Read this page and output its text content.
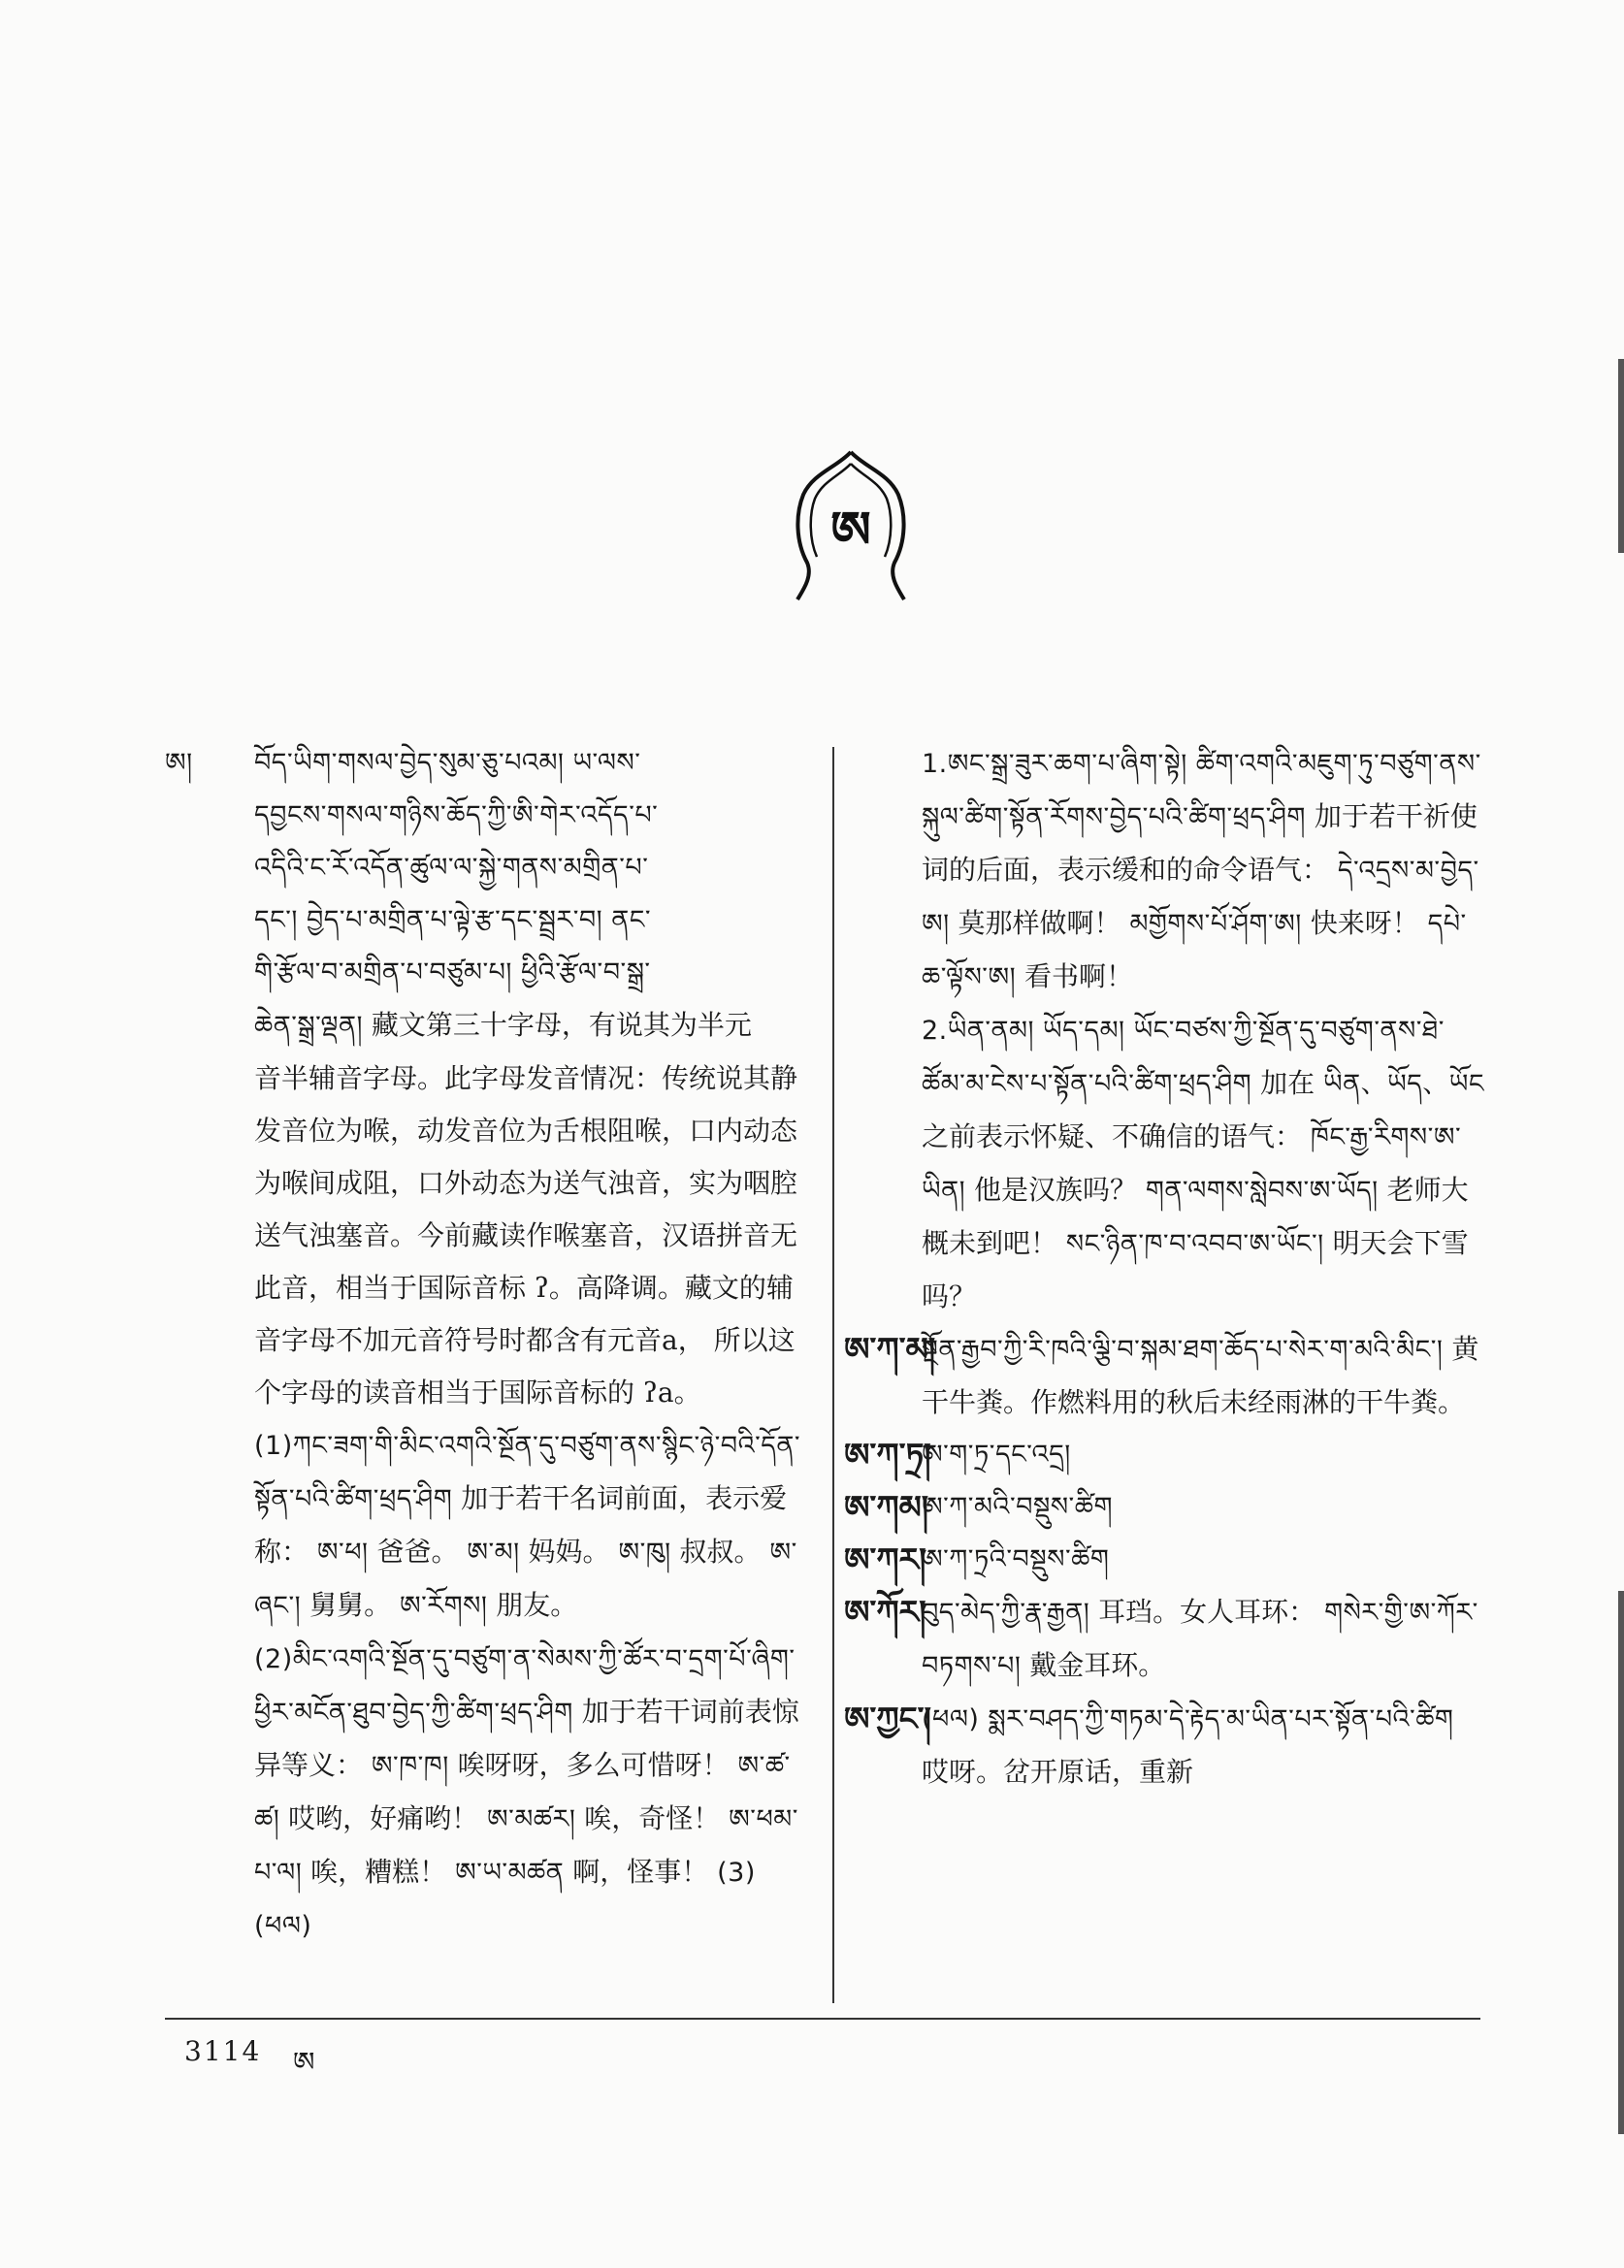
ཨ
ཨ། བོད་ཡིག་གསལ་བྱེད་སུམ་ཅུ་པའམ། ཡ་ལས་

དབྱངས་གསལ་གཉིས་ཆོད་ཀྱི་ཨི་གེར་འདོད་པ་

འདིའི་ང་རོ་འདོན་ཚུལ་ལ་སྐྱེ་གནས་མགྲིན་པ་

དང་། བྱེད་པ་མགྲིན་པ་ལྟེ་རྩ་དང་སྦྲར་བ། ནང་

གི་རྩོལ་བ་མགྲིན་པ་བཙུམ་པ། ཕྱིའི་རྩོལ་བ་སྒྲ་

ཆེན་སྒྲ་ལྡན། 藏文第三十字母，有说其为半元

音半辅音字母。此字母发音情况：传统说其静

发音位为喉，动发音位为舌根阻喉，口内动态

为喉间成阻，口外动态为送气浊音，实为咽腔

送气浊塞音。今前藏读作喉塞音，汉语拼音无

此音，相当于国际音标 ʔ。高降调。藏文的辅

音字母不加元音符号时都含有元音a， 所以这

个字母的读音相当于国际音标的 ʔa。

(1)ཀང་ཟག་གི་མིང་འགའི་སྔོན་དུ་བཙུག་ནས་སྙིང་ཉེ་བའི་དོན་སྟོན་པའི་ཚིག་ཕྲད་ཤིག 加于若干名词前面，表示爱称： ཨ་ཕ། 爸爸。 ཨ་མ། 妈妈。 ཨ་ཁུ། 叔叔。 ཨ་ཞང་། 舅舅。 ཨ་རོགས། 朋友。

(2)མིང་འགའི་སྔོན་དུ་བཙུག་ན་སེམས་ཀྱི་ཚོར་བ་དྲག་པོ་ཞིག་ཕྱིར་མངོན་ཐུབ་བྱེད་ཀྱི་ཚིག་ཕྲད་ཤིག 加于若干词前表惊异等义： ཨ་ཁ་ཁ། 唉呀呀，多么可惜呀！ ཨ་ཚ་ཚ། 哎哟，好痛哟！ ཨ་མཚར། 唉，奇怪！ ཨ་ཕམ་པ་ལ། 唉，糟糕！ ཨ་ཡ་མཚན 啊，怪事！ (3)(ཕལ)

1.ཨང་སྒྲ་ཟུར་ཆག་པ་ཞིག་སྟེ། ཚིག་འགའི་མཇུག་ཏུ་བཙུག་ནས་སྐུལ་ཚིག་སྟོན་རོགས་བྱེད་པའི་ཚིག་ཕྲད་ཤིག 加于若干祈使词的后面，表示缓和的命令语气： དེ་འདྲས་མ་བྱེད་ཨ། 莫那样做啊！ མགྱོགས་པོ་ཤོག་ཨ། 快来呀！ དཔེ་ཆ་ལྟོས་ཨ། 看书啊！

2.ཡིན་ནམ། ཡོད་དམ། ཡོང་བཙས་ཀྱི་སྔོན་དུ་བཙུག་ནས་ཐེ་ཚོམ་མ་ངེས་པ་སྟོན་པའི་ཚིག་ཕྲད་ཤིག 加在 ཡིན、ཡོད、ཡོང 之前表示怀疑、不确信的语气： ཁོང་རྒྱ་རིགས་ཨ་ཡིན། 他是汉族吗？ གན་ལགས་སླེབས་ཨ་ཡོད། 老师大概未到吧！ སང་ཉིན་ཁ་བ་འབབ་ཨ་ཡོང་། 明天会下雪吗？

ཨ་ཀ་མ།
སྔོན་རྒྱབ་ཀྱི་རི་ཁའི་ལྕི་བ་སྐམ་ཐག་ཆོད་པ་སེར་ག་མའི་མིང་། 黄干牛粪。作燃料用的秋后未经雨淋的干牛粪。
ཨ་ཀ་ཏྲ།
ཨ་ག་ཏྲ་དང་འདྲ།
ཨ་ཀམ།
ཨ་ཀ་མའི་བསྡུས་ཚིག
ཨ་ཀར།
ཨ་ཀ་ཏྲའི་བསྡུས་ཚིག
ཨ་ཀོར།
བུད་མེད་ཀྱི་རྣ་རྒྱན། 耳珰。女人耳环： གསེར་གྱི་ཨ་ཀོར་བཏགས་པ། 戴金耳环。
ཨ་ཀྱང་།
(ཕལ) སྨར་བཤད་ཀྱི་གཏམ་དེ་རྟེད་མ་ཡིན་པར་སྟོན་པའི་ཚིག 哎呀。岔开原话，重新
3114 ཨ
